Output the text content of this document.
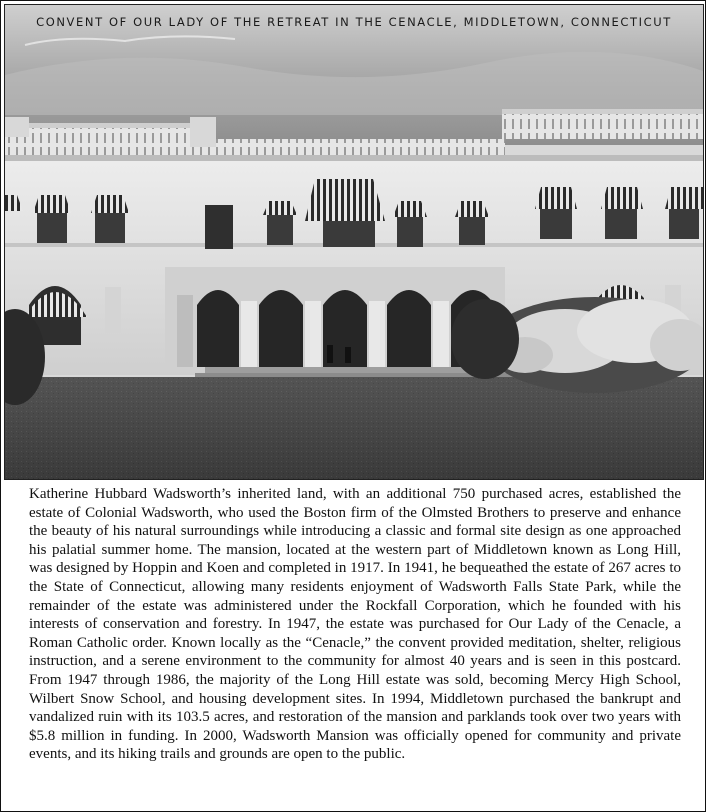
CONVENT OF OUR LADY OF THE RETREAT IN THE CENACLE, MIDDLETOWN, CONNECTICUT

Katherine Hubbard Wadsworth’s inherited land, with an additional 750 purchased acres, established the estate of Colonial Wadsworth, who used the Boston firm of the Olmsted Brothers to preserve and enhance the beauty of his natural surroundings while introducing a classic and formal site design as one approached his palatial summer home. The mansion, located at the western part of Middletown known as Long Hill, was designed by Hoppin and Koen and completed in 1917. In 1941, he bequeathed the estate of 267 acres to the State of Connecticut, allowing many residents enjoyment of Wadsworth Falls State Park, while the remainder of the estate was administered under the Rockfall Corporation, which he founded with his interests of conservation and forestry. In 1947, the estate was purchased for Our Lady of the Cenacle, a Roman Catholic order. Known locally as the “Cenacle,” the convent provided meditation, shelter, religious instruction, and a serene environment to the community for almost 40 years and is seen in this postcard. From 1947 through 1986, the majority of the Long Hill estate was sold, becoming Mercy High School, Wilbert Snow School, and housing development sites. In 1994, Middletown purchased the bankrupt and vandalized ruin with its 103.5 acres, and restoration of the mansion and parklands took over two years with $5.8 million in funding. In 2000, Wadsworth Mansion was officially opened for community and private events, and its hiking trails and grounds are open to the public.
